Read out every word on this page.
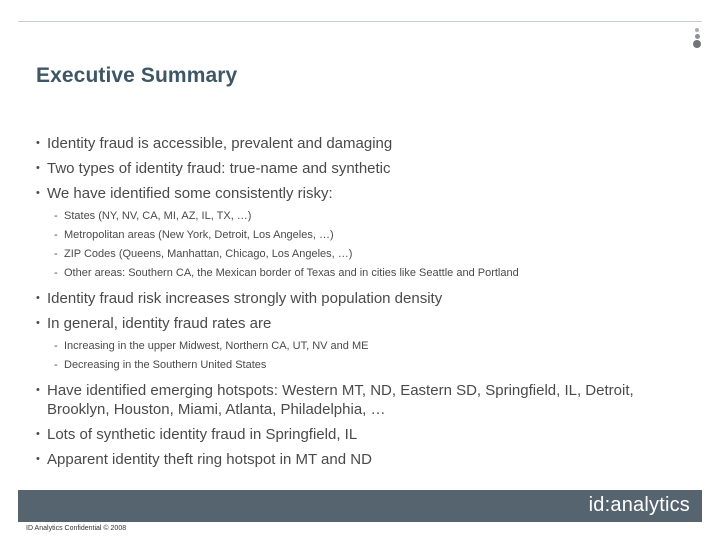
Executive Summary
• Identity fraud is accessible, prevalent and damaging
• Two types of identity fraud: true-name and synthetic
• We have identified some consistently risky:
- States (NY, NV, CA, MI, AZ, IL, TX, …)
- Metropolitan areas (New York, Detroit, Los Angeles, …)
- ZIP Codes (Queens, Manhattan, Chicago, Los Angeles, …)
- Other areas: Southern CA, the Mexican border of Texas and in cities like Seattle and Portland
• Identity fraud risk increases strongly with population density
• In general, identity fraud rates are
- Increasing in the upper Midwest, Northern CA, UT, NV and ME
- Decreasing in the Southern United States
• Have identified emerging hotspots: Western MT, ND, Eastern SD, Springfield, IL, Detroit, Brooklyn, Houston, Miami, Atlanta, Philadelphia, …
• Lots of synthetic identity fraud in Springfield, IL
• Apparent identity theft ring hotspot in MT and ND

id:analytics

ID Analytics Confidential © 2008
